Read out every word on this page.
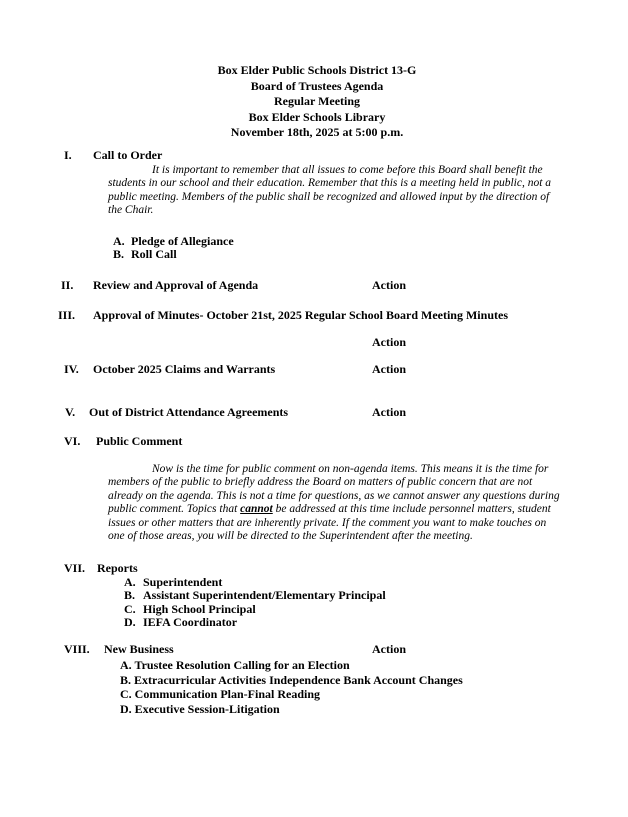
Box Elder Public Schools District 13-G
Board of Trustees Agenda
Regular Meeting
Box Elder Schools Library
November 18th, 2025 at 5:00 p.m.
I. Call to Order
It is important to remember that all issues to come before this Board shall benefit the students in our school and their education. Remember that this is a meeting held in public, not a public meeting. Members of the public shall be recognized and allowed input by the direction of the Chair.
A. Pledge of Allegiance
B. Roll Call
II. Review and Approval of Agenda	Action
III. Approval of Minutes- October 21st, 2025 Regular School Board Meeting Minutes
Action
IV. October 2025 Claims and Warrants	Action
V. Out of District Attendance Agreements	Action
VI. Public Comment
Now is the time for public comment on non-agenda items. This means it is the time for members of the public to briefly address the Board on matters of public concern that are not already on the agenda. This is not a time for questions, as we cannot answer any questions during public comment. Topics that cannot be addressed at this time include personnel matters, student issues or other matters that are inherently private. If the comment you want to make touches on one of those areas, you will be directed to the Superintendent after the meeting.
VII. Reports
A. Superintendent
B. Assistant Superintendent/Elementary Principal
C. High School Principal
D. IEFA Coordinator
VIII. New Business	Action
A. Trustee Resolution Calling for an Election
B. Extracurricular Activities Independence Bank Account Changes
C. Communication Plan-Final Reading
D. Executive Session-Litigation
